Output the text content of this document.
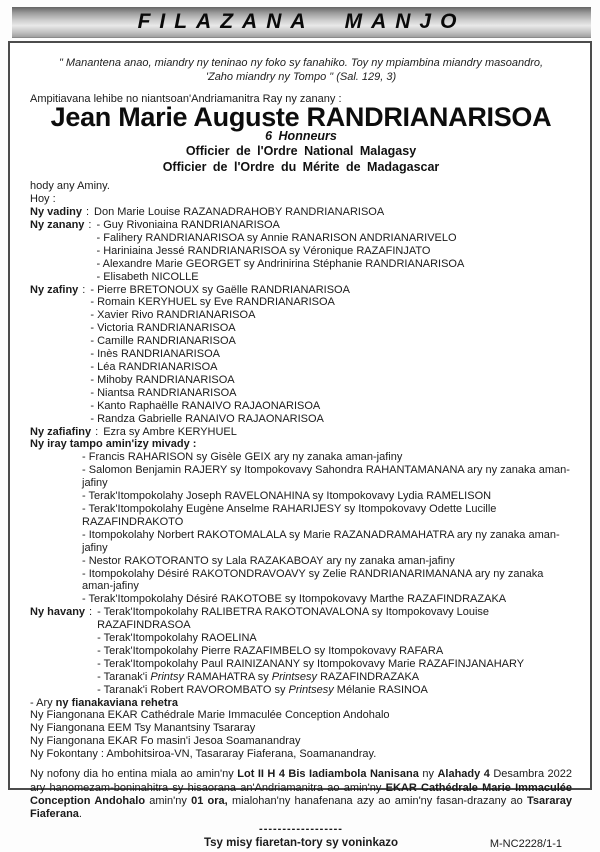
FILAZANA MANJO
" Manantena anao, miandry ny teninao ny foko sy fanahiko. Toy ny mpiambina miandry masoandro,
'Zaho miandry ny Tompo " (Sal. 129, 3)
Ampitiavana lehibe no niantsoan'Andriamanitra Ray ny zanany :
Jean Marie Auguste RANDRIANARISOA
6 Honneurs
Officier de l'Ordre National Malagasy
Officier de l'Ordre du Mérite de Madagascar
hody any Aminy.
Hoy :
Ny vadiny : Don Marie Louise RAZANADRAHOBY RANDRIANARISOA
Ny zanany : - Guy Rivoniaina RANDRIANARISOA
- Falihery RANDRIANARISOA sy Annie RANARISON ANDRIANARIVELO
- Hariniaina Jessé RANDRIANARISOA sy Véronique RAZAFINJATO
- Alexandre Marie GEORGET sy Andrinirina Stéphanie RANDRIANARISOA
- Elisabeth NICOLLE
Ny zafiny : - Pierre BRETONOUX sy Gaëlle RANDRIANARISOA
- Romain KERYHUEL sy Eve RANDRIANARISOA
- Xavier Rivo RANDRIANARISOA
- Victoria RANDRIANARISOA
- Camille RANDRIANARISOA
- Inès RANDRIANARISOA
- Léa RANDRIANARISOA
- Mihoby RANDRIANARISOA
- Niantsa RANDRIANARISOA
- Kanto Raphaëlle RANAIVO RAJAONARISOA
- Randza Gabrielle RANAIVO RAJAONARISOA
Ny zafiafiny : Ezra sy Ambre KERYHUEL
Ny iray tampo amin'izy mivady :
- Francis RAHARISON sy Gisèle GEIX ary ny zanaka aman-jafiny
- Salomon Benjamin RAJERY sy Itompokovavy Sahondra RAHANTAMANANA ary ny zanaka aman-jafiny
- Terak'Itompokolahy Joseph RAVELONAHINA sy Itompokovavy Lydia RAMELISON
- Terak'Itompokolahy Eugène Anselme RAHARIJESY sy Itompokovavy Odette Lucille RAZAFINDRAKOTO
- Itompokolahy Norbert RAKOTOMALALA sy Marie RAZANADRAMAHATRA ary ny zanaka aman-jafiny
- Nestor RAKOTORANTO sy Lala RAZAKABOAY ary ny zanaka aman-jafiny
- Itompokolahy Désiré RAKOTONDRAVOAVY sy Zelie RANDRIANARIMANANA ary ny zanaka aman-jafiny
- Terak'Itompokolahy Désiré RAKOTOBE sy Itompokovavy Marthe RAZAFINDRAZAKA
Ny havany : - Terak'Itompokolahy RALIBETRA RAKOTONAVALONA sy Itompokovavy Louise RAZAFINDRASOA
- Terak'Itompokolahy RAOELINA
- Terak'Itompokolahy Pierre RAZAFIMBELO sy Itompokovavy RAFARA
- Terak'Itompokolahy Paul RAINIZANANY sy Itompokovavy Marie RAZAFINJANAHARY
- Taranak'i Printsy RAMAHATRA sy Printsesy RAZAFINDRAZAKA
- Taranak'i Robert RAVOROMBATO sy Printsesy Mélanie RASINOA
- Ary ny fianakaviana rehetra
Ny Fiangonana EKAR Cathédrale Marie Immaculée Conception Andohalo
Ny Fiangonana EEM Tsy Manantsiny Tsararay
Ny Fiangonana EKAR Fo masin'i Jesoa Soamanandray
Ny Fokontany : Ambohitsiroa-VN, Tasararay Fiaferana, Soamanandray.
Ny nofony dia ho entina miala ao amin'ny Lot II H 4 Bis Iadiambola Nanisana ny Alahady 4 Desambra 2022 ary hanomezam-boninahitra sy hisaorana an'Andriamanitra ao amin'ny EKAR Cathédrale Marie Immaculée Conception Andohalo amin'ny 01 ora, mialohan'ny hanafenana azy ao amin'ny fasan-drazany ao Tsararay Fiaferana.
------------------
Tsy misy fiaretan-tory sy voninkazo	M-NC2228/1-1
